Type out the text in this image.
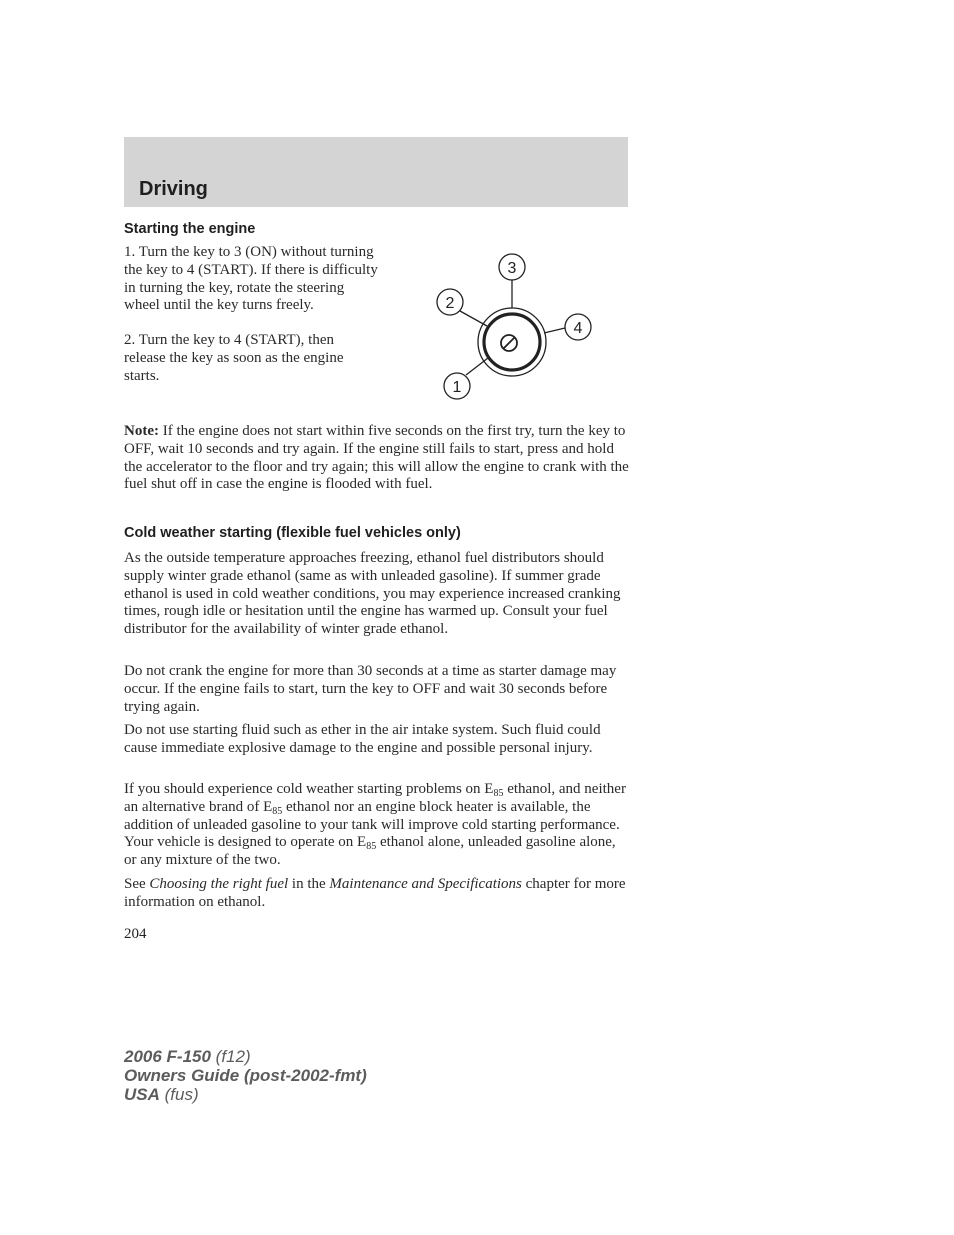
Driving
Starting the engine

1. Turn the key to 3 (ON) without turning the key to 4 (START). If there is difficulty in turning the key, rotate the steering wheel until the key turns freely.

2. Turn the key to 4 (START), then release the key as soon as the engine starts.

3
2
4
1

Note: If the engine does not start within five seconds on the first try, turn the key to OFF, wait 10 seconds and try again. If the engine still fails to start, press and hold the accelerator to the floor and try again; this will allow the engine to crank with the fuel shut off in case the engine is flooded with fuel.

Cold weather starting (flexible fuel vehicles only)

As the outside temperature approaches freezing, ethanol fuel distributors should supply winter grade ethanol (same as with unleaded gasoline). If summer grade ethanol is used in cold weather conditions, you may experience increased cranking times, rough idle or hesitation until the engine has warmed up. Consult your fuel distributor for the availability of winter grade ethanol.

Do not crank the engine for more than 30 seconds at a time as starter damage may occur. If the engine fails to start, turn the key to OFF and wait 30 seconds before trying again.

Do not use starting fluid such as ether in the air intake system. Such fluid could cause immediate explosive damage to the engine and possible personal injury.

If you should experience cold weather starting problems on $E_{85}$ ethanol, and neither an alternative brand of $E_{85}$ ethanol nor an engine block heater is available, the addition of unleaded gasoline to your tank will improve cold starting performance. Your vehicle is designed to operate on $E_{85}$ ethanol alone, unleaded gasoline alone, or any mixture of the two.

See Choosing the right fuel in the Maintenance and Specifications chapter for more information on ethanol.

204

2006 F-150 (f12)
Owners Guide (post-2002-fmt)
USA (fus)
